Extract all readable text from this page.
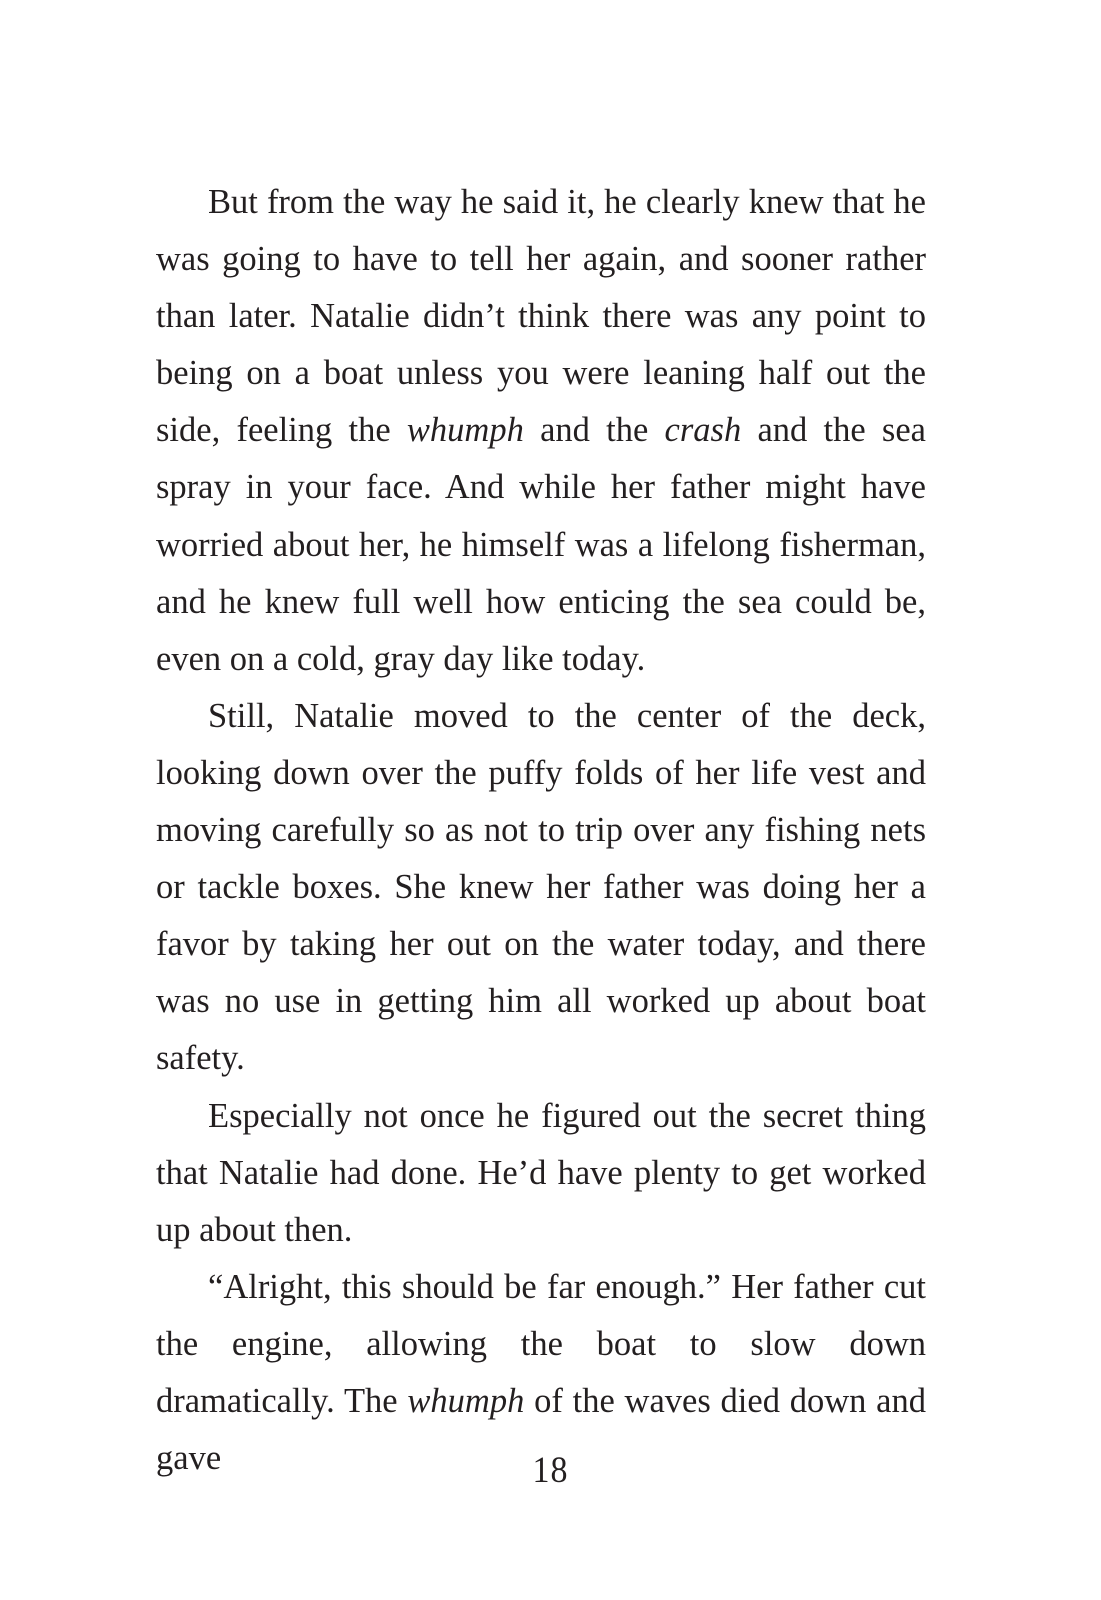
But from the way he said it, he clearly knew that he was going to have to tell her again, and sooner rather than later. Natalie didn’t think there was any point to being on a boat unless you were leaning half out the side, feeling the whumph and the crash and the sea spray in your face. And while her father might have worried about her, he himself was a lifelong fisherman, and he knew full well how enticing the sea could be, even on a cold, gray day like today.

Still, Natalie moved to the center of the deck, looking down over the puffy folds of her life vest and moving carefully so as not to trip over any fishing nets or tackle boxes. She knew her father was doing her a favor by taking her out on the water today, and there was no use in getting him all worked up about boat safety.

Especially not once he figured out the secret thing that Natalie had done. He’d have plenty to get worked up about then.

“Alright, this should be far enough.” Her father cut the engine, allowing the boat to slow down dramatically. The whumph of the waves died down and gave	18
